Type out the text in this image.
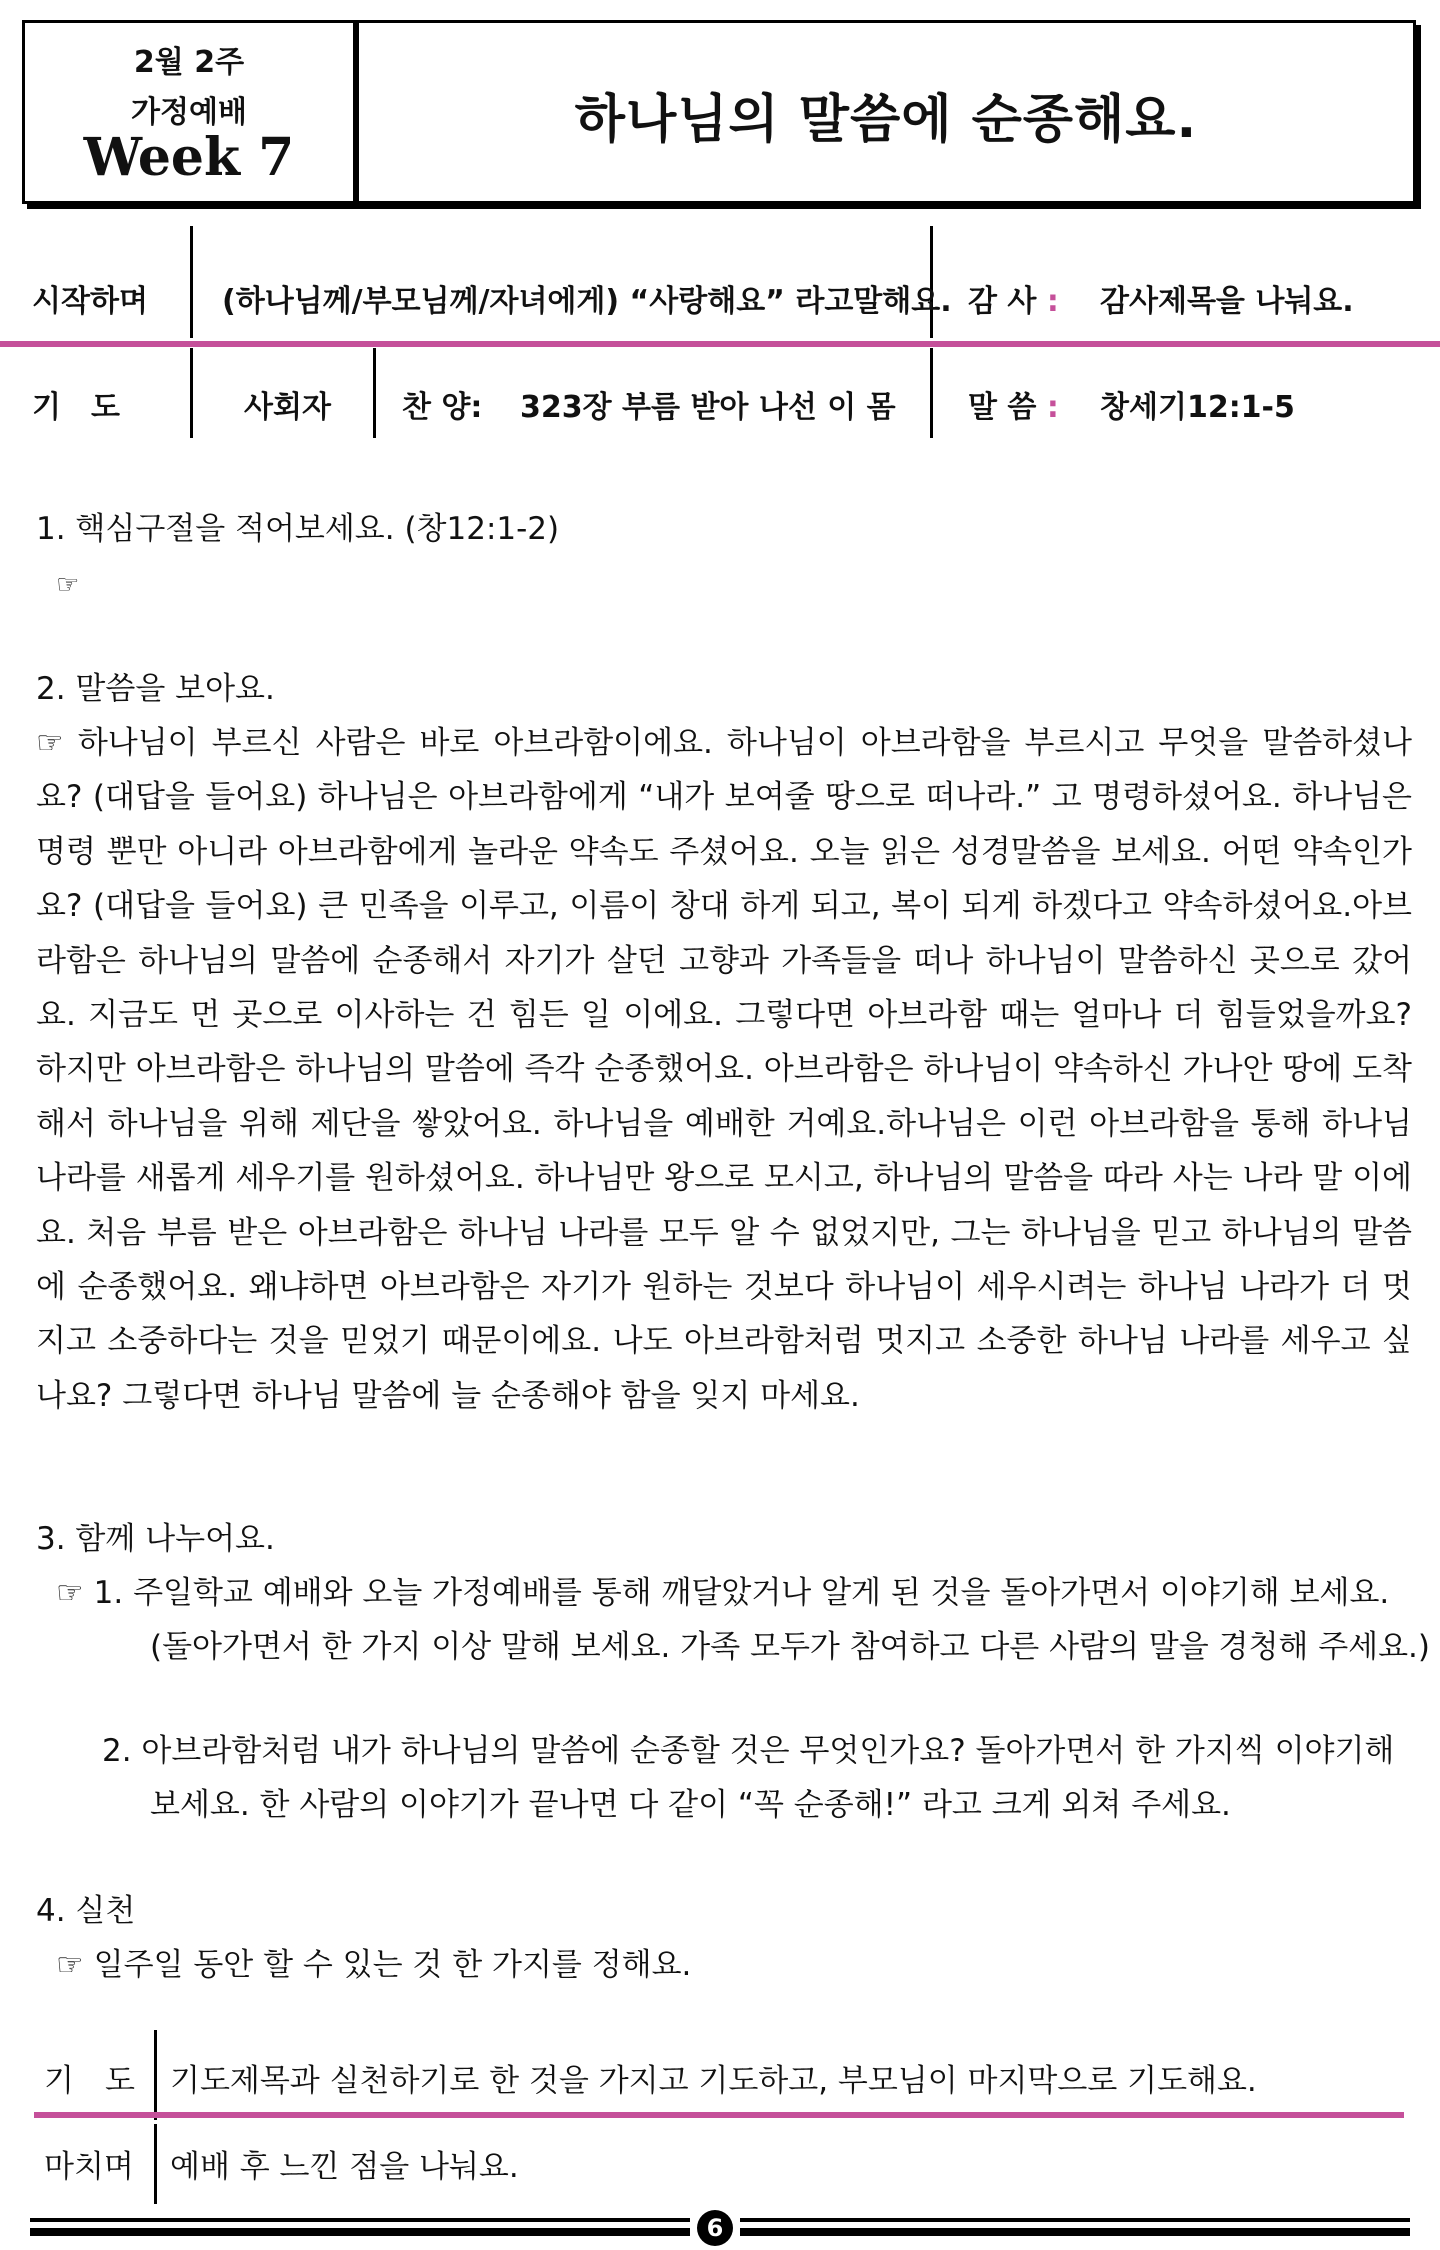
2월 2주
가정예배
Week 7
하나님의 말씀에 순종해요.
시작하며 (하나님께/부모님께/자녀에게) “사랑해요” 라고말해요. 감 사 : 감사제목을 나눠요.
기　도	사회자 찬 양: 323장 부름 받아 나선 이 몸 말 씀 : 창세기12:1-5
1. 핵심구절을 적어보세요. (창12:1-2)
☞
2. 말씀을 보아요.
☞ 하나님이 부르신 사람은 바로 아브라함이에요. 하나님이 아브라함을 부르시고 무엇을 말씀하셨나요? (대답을 들어요) 하나님은 아브라함에게 “내가 보여줄 땅으로 떠나라.” 고 명령하셨어요. 하나님은 명령 뿐만 아니라 아브라함에게 놀라운 약속도 주셨어요. 오늘 읽은 성경말씀을 보세요. 어떤 약속인가요? (대답을 들어요) 큰 민족을 이루고, 이름이 창대 하게 되고, 복이 되게 하겠다고 약속하셨어요.아브라함은 하나님의 말씀에 순종해서 자기가 살던 고향과 가족들을 떠나 하나님이 말씀하신 곳으로 갔어요. 지금도 먼 곳으로 이사하는 건 힘든 일 이에요. 그렇다면 아브라함 때는 얼마나 더 힘들었을까요? 하지만 아브라함은 하나님의 말씀에 즉각 순종했어요. 아브라함은 하나님이 약속하신 가나안 땅에 도착해서 하나님을 위해 제단을 쌓았어요. 하나님을 예배한 거예요.하나님은 이런 아브라함을 통해 하나님 나라를 새롭게 세우기를 원하셨어요. 하나님만 왕으로 모시고, 하나님의 말씀을 따라 사는 나라 말 이에요. 처음 부름 받은 아브라함은 하나님 나라를 모두 알 수 없었지만, 그는 하나님을 믿고 하나님의 말씀에 순종했어요. 왜냐하면 아브라함은 자기가 원하는 것보다 하나님이 세우시려는 하나님 나라가 더 멋지고 소중하다는 것을 믿었기 때문이에요. 나도 아브라함처럼 멋지고 소중한 하나님 나라를 세우고 싶나요? 그렇다면 하나님 말씀에 늘 순종해야 함을 잊지 마세요.
3. 함께 나누어요.
☞ 1. 주일학교 예배와 오늘 가정예배를 통해 깨달았거나 알게 된 것을 돌아가면서 이야기해 보세요.
(돌아가면서 한 가지 이상 말해 보세요. 가족 모두가 참여하고 다른 사람의 말을 경청해 주세요.)
2. 아브라함처럼 내가 하나님의 말씀에 순종할 것은 무엇인가요? 돌아가면서 한 가지씩 이야기해
보세요. 한 사람의 이야기가 끝나면 다 같이 “꼭 순종해!” 라고 크게 외쳐 주세요.
4. 실천
☞ 일주일 동안 할 수 있는 것 한 가지를 정해요.
기　도 기도제목과 실천하기로 한 것을 가지고 기도하고, 부모님이 마지막으로 기도해요.
마치며 예배 후 느낀 점을 나눠요.
6
